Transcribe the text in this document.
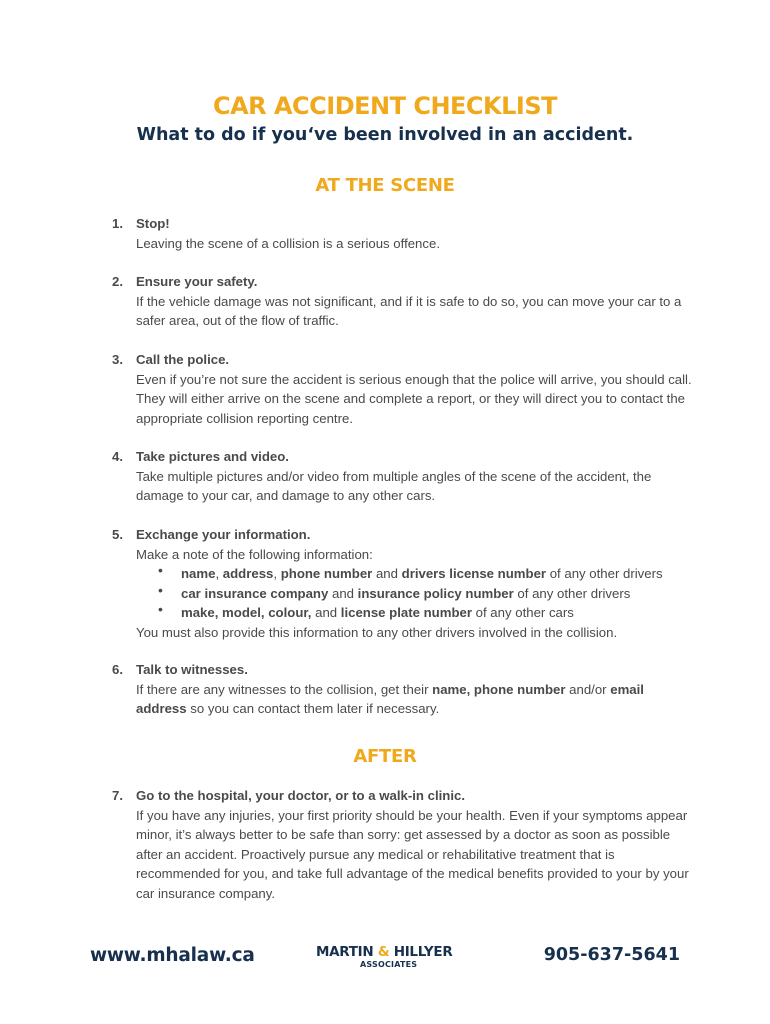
CAR ACCIDENT CHECKLIST
What to do if you‘ve been involved in an accident.
AT THE SCENE
1. Stop!
Leaving the scene of a collision is a serious offence.
2. Ensure your safety.
If the vehicle damage was not significant, and if it is safe to do so, you can move your car to a safer area, out of the flow of traffic.
3. Call the police.
Even if you’re not sure the accident is serious enough that the police will arrive, you should call. They will either arrive on the scene and complete a report, or they will direct you to contact the appropriate collision reporting centre.
4. Take pictures and video.
Take multiple pictures and/or video from multiple angles of the scene of the accident, the damage to your car, and damage to any other cars.
5. Exchange your information.
Make a note of the following information:
• name, address, phone number and drivers license number of any other drivers
• car insurance company and insurance policy number of any other drivers
• make, model, colour, and license plate number of any other cars
You must also provide this information to any other drivers involved in the collision.
6. Talk to witnesses.
If there are any witnesses to the collision, get their name, phone number and/or email address so you can contact them later if necessary.
AFTER
7. Go to the hospital, your doctor, or to a walk-in clinic.
If you have any injuries, your first priority should be your health. Even if your symptoms appear minor, it’s always better to be safe than sorry: get assessed by a doctor as soon as possible after an accident. Proactively pursue any medical or rehabilitative treatment that is recommended for you, and take full advantage of the medical benefits provided to your by your car insurance company.
www.mhalaw.ca	MARTIN & HILLYER
ASSOCIATES	905-637-5641
